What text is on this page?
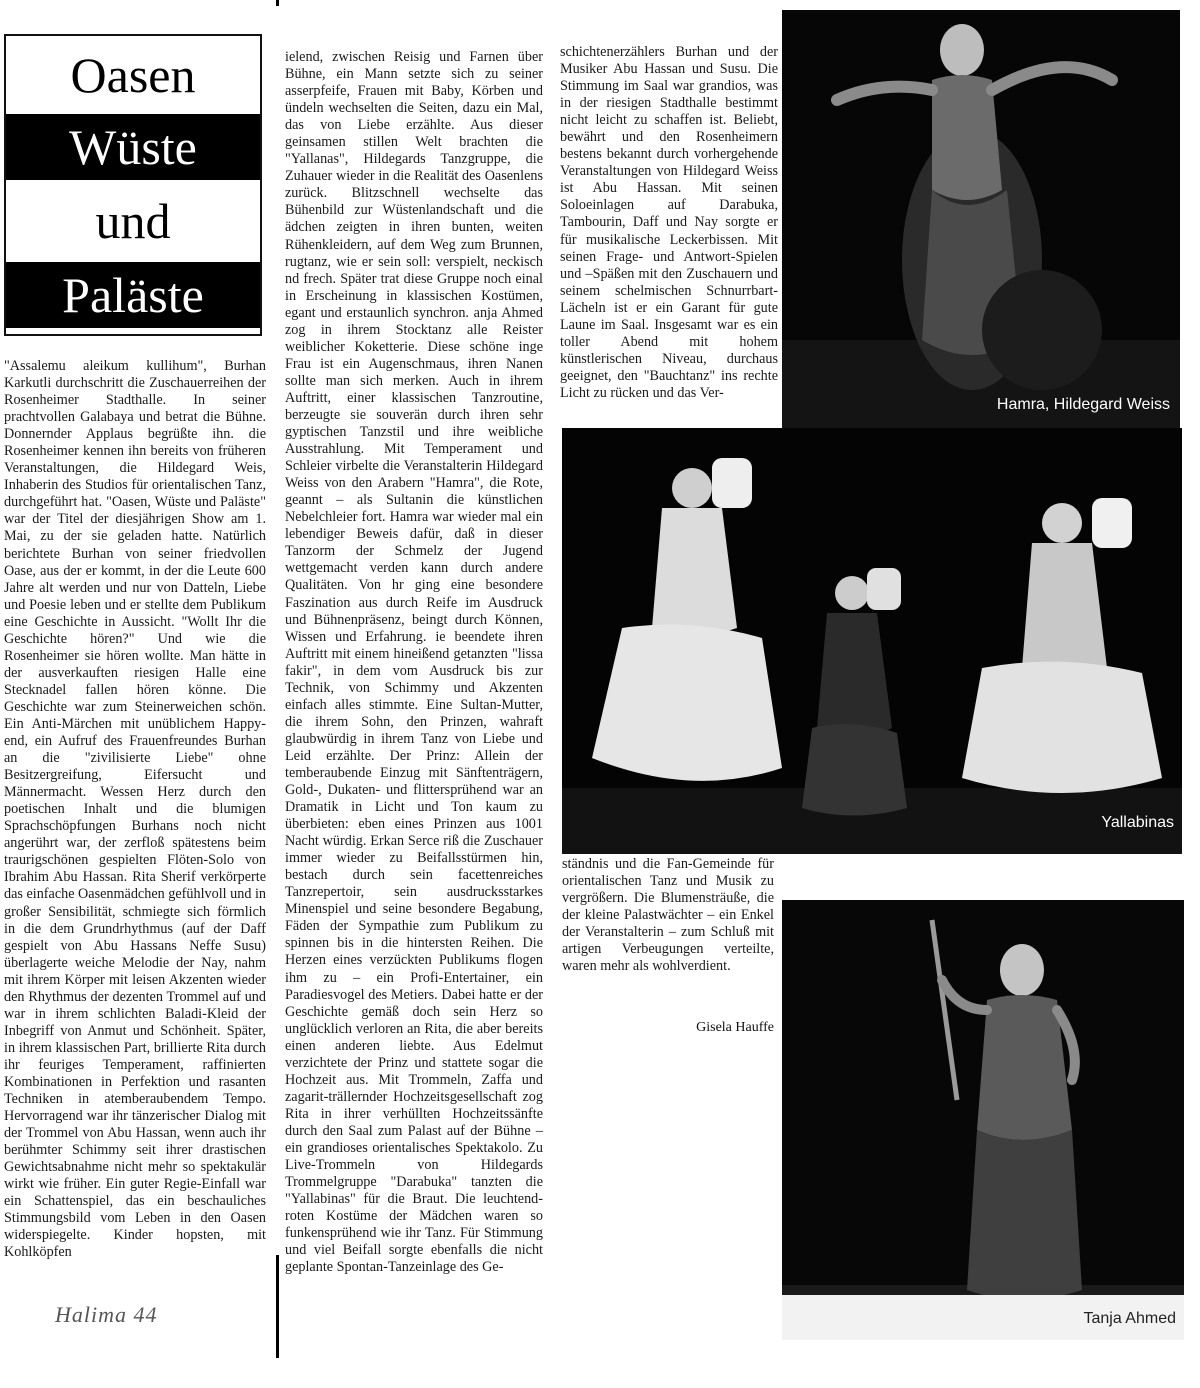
Oasen
Wüste
und
Paläste

"Assalemu aleikum kullihum", Burhan Karkutli durchschritt die Zuschauerreihen der Rosenheimer Stadthalle. In seiner prachtvollen Galabaya und betrat die Bühne. Donnernder Applaus begrüßte ihn. die Rosenheimer kennen ihn bereits von früheren Veranstaltungen, die Hildegard Weis, Inhaberin des Studios für orientalischen Tanz, durchgeführt hat. "Oasen, Wüste und Paläste" war der Titel der diesjährigen Show am 1. Mai, zu der sie geladen hatte. Natürlich berichtete Burhan von seiner friedvollen Oase, aus der er kommt, in der die Leute 600 Jahre alt werden und nur von Datteln, Liebe und Poesie leben und er stellte dem Publikum eine Geschichte in Aussicht. "Wollt Ihr die Geschichte hören?" Und wie die Rosenheimer sie hören wollte. Man hätte in der ausverkauften riesigen Halle eine Stecknadel fallen hören könne. Die Geschichte war zum Steinerweichen schön. Ein Anti-Märchen mit unüblichem Happy-end, ein Aufruf des Frauenfreundes Burhan an die "zivilisierte Liebe" ohne Besitzergreifung, Eifersucht und Männermacht. Wessen Herz durch den poetischen Inhalt und die blumigen Sprachschöpfungen Burhans noch nicht angerührt war, der zerfloß spätestens beim traurigschönen gespielten Flöten-Solo von Ibrahim Abu Hassan. Rita Sherif verkörperte das einfache Oasenmädchen gefühlvoll und in großer Sensibilität, schmiegte sich förmlich in die dem Grundrhythmus (auf der Daff gespielt von Abu Hassans Neffe Susu) überlagerte weiche Melodie der Nay, nahm mit ihrem Körper mit leisen Akzenten wieder den Rhythmus der dezenten Trommel auf und war in ihrem schlichten Baladi-Kleid der Inbegriff von Anmut und Schönheit. Später, in ihrem klassischen Part, brillierte Rita durch ihr feuriges Temperament, raffinierten Kombinationen in Perfektion und rasanten Techniken in atemberaubendem Tempo. Hervorragend war ihr tänzerischer Dialog mit der Trommel von Abu Hassan, wenn auch ihr berühmter Schimmy seit ihrer drastischen Gewichtsabnahme nicht mehr so spektakulär wirkt wie früher. Ein guter Regie-Einfall war ein Schattenspiel, das ein beschauliches Stimmungsbild vom Leben in den Oasen widerspiegelte. Kinder hopsten, mit Kohlköpfen

ielend, zwischen Reisig und Farnen über Bühne, ein Mann setzte sich zu seiner asserpfeife, Frauen mit Baby, Körben und ündeln wechselten die Seiten, dazu ein Mal, das von Liebe erzählte. Aus dieser geinsamen stillen Welt brachten die "Yallanas", Hildegards Tanzgruppe, die Zuhauer wieder in die Realität des Oasenlens zurück. Blitzschnell wechselte das Bühenbild zur Wüstenlandschaft und die ädchen zeigten in ihren bunten, weiten Rühenkleidern, auf dem Weg zum Brunnen, rugtanz, wie er sein soll: verspielt, neckisch nd frech. Später trat diese Gruppe noch einal in Erscheinung in klassischen Kostümen, egant und erstaunlich synchron. anja Ahmed zog in ihrem Stocktanz alle Reister weiblicher Koketterie. Diese schöne inge Frau ist ein Augenschmaus, ihren Nanen sollte man sich merken. Auch in ihrem Auftritt, einer klassischen Tanzroutine, berzeugte sie souverän durch ihren sehr gyptischen Tanzstil und ihre weibliche Ausstrahlung. Mit Temperament und Schleier virbelte die Veranstalterin Hildegard Weiss von den Arabern "Hamra", die Rote, geannt – als Sultanin die künstlichen Nebelchleier fort. Hamra war wieder mal ein lebendiger Beweis dafür, daß in dieser Tanzorm der Schmelz der Jugend wettgemacht verden kann durch andere Qualitäten. Von hr ging eine besondere Faszination aus durch Reife im Ausdruck und Bühnenpräsenz, beingt durch Können, Wissen und Erfahrung. ie beendete ihren Auftritt mit einem hineißend getanzten "lissa fakir", in dem vom Ausdruck bis zur Technik, von Schimmy und Akzenten einfach alles stimmte. Eine Sultan-Mutter, die ihrem Sohn, den Prinzen, wahraft glaubwürdig in ihrem Tanz von Liebe und Leid erzählte. Der Prinz: Allein der temberaubende Einzug mit Sänftenträgern, Gold-, Dukaten- und flittersprühend war an Dramatik in Licht und Ton kaum zu überbieten: eben eines Prinzen aus 1001 Nacht würdig. Erkan Serce riß die Zuschauer immer wieder zu Beifallsstürmen hin, bestach durch sein facettenreiches Tanzrepertoir, sein ausdrucksstarkes Minenspiel und seine besondere Begabung, Fäden der Sympathie zum Publikum zu spinnen bis in die hintersten Reihen. Die Herzen eines verzückten Publikums flogen ihm zu – ein Profi-Entertainer, ein Paradiesvogel des Metiers. Dabei hatte er der Geschichte gemäß doch sein Herz so unglücklich verloren an Rita, die aber bereits einen anderen liebte. Aus Edelmut verzichtete der Prinz und stattete sogar die Hochzeit aus. Mit Trommeln, Zaffa und zagarit-trällernder Hochzeitsgesellschaft zog Rita in ihrer verhüllten Hochzeitssänfte durch den Saal zum Palast auf der Bühne – ein grandioses orientalisches Spektakolo. Zu Live-Trommeln von Hildegards Trommelgruppe "Darabuka" tanzten die "Yallabinas" für die Braut. Die leuchtend-roten Kostüme der Mädchen waren so funkensprühend wie ihr Tanz. Für Stimmung und viel Beifall sorgte ebenfalls die nicht geplante Spontan-Tanzeinlage des Ge-

schichtenerzählers Burhan und der Musiker Abu Hassan und Susu. Die Stimmung im Saal war grandios, was in der riesigen Stadthalle bestimmt nicht leicht zu schaffen ist. Beliebt, bewährt und den Rosenheimern bestens bekannt durch vorhergehende Veranstaltungen von Hildegard Weiss ist Abu Hassan. Mit seinen Soloeinlagen auf Darabuka, Tambourin, Daff und Nay sorgte er für musikalische Leckerbissen. Mit seinen Frage- und Antwort-Spielen und –Späßen mit den Zuschauern und seinem schelmischen Schnurrbart-Lächeln ist er ein Garant für gute Laune im Saal. Insgesamt war es ein toller Abend mit hohem künstlerischen Niveau, durchaus geeignet, den "Bauchtanz" ins rechte Licht zu rücken und das Ver-

Hamra, Hildegard Weiss
Yallabinas

ständnis und die Fan-Gemeinde für orientalischen Tanz und Musik zu vergrößern. Die Blumensträuße, die der kleine Palastwächter – ein Enkel der Veranstalterin – zum Schluß mit artigen Verbeugungen verteilte, waren mehr als wohlverdient.

Gisela Hauffe
Tanja Ahmed
Halima 44
